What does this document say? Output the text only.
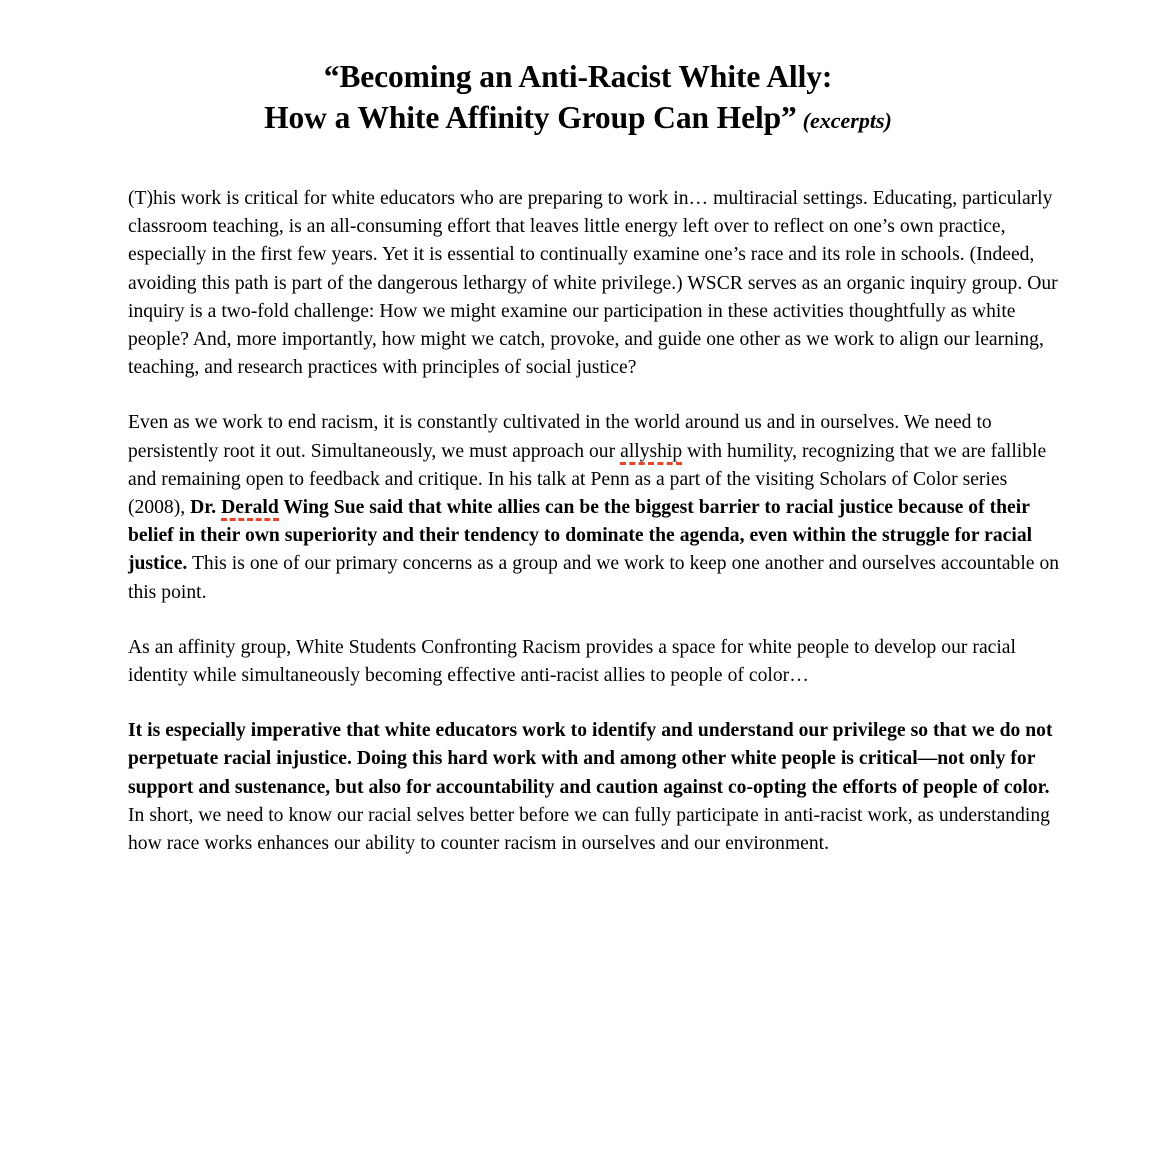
“Becoming an Anti-Racist White Ally:
How a White Affinity Group Can Help” (excerpts)

(T)his work is critical for white educators who are preparing to work in… multiracial settings. Educating, particularly classroom teaching, is an all-consuming effort that leaves little energy left over to reflect on one’s own practice, especially in the first few years. Yet it is essential to continually examine one’s race and its role in schools. (Indeed, avoiding this path is part of the dangerous lethargy of white privilege.) WSCR serves as an organic inquiry group. Our inquiry is a two-fold challenge: How we might examine our participation in these activities thoughtfully as white people? And, more importantly, how might we catch, provoke, and guide one other as we work to align our learning, teaching, and research practices with principles of social justice?

Even as we work to end racism, it is constantly cultivated in the world around us and in ourselves. We need to persistently root it out. Simultaneously, we must approach our allyship with humility, recognizing that we are fallible and remaining open to feedback and critique. In his talk at Penn as a part of the visiting Scholars of Color series (2008), Dr. Derald Wing Sue said that white allies can be the biggest barrier to racial justice because of their belief in their own superiority and their tendency to dominate the agenda, even within the struggle for racial justice. This is one of our primary concerns as a group and we work to keep one another and ourselves accountable on this point.

As an affinity group, White Students Confronting Racism provides a space for white people to develop our racial identity while simultaneously becoming effective anti-racist allies to people of color…

It is especially imperative that white educators work to identify and understand our privilege so that we do not perpetuate racial injustice. Doing this hard work with and among other white people is critical—not only for support and sustenance, but also for accountability and caution against co-opting the efforts of people of color. In short, we need to know our racial selves better before we can fully participate in anti-racist work, as understanding how race works enhances our ability to counter racism in ourselves and our environment.
